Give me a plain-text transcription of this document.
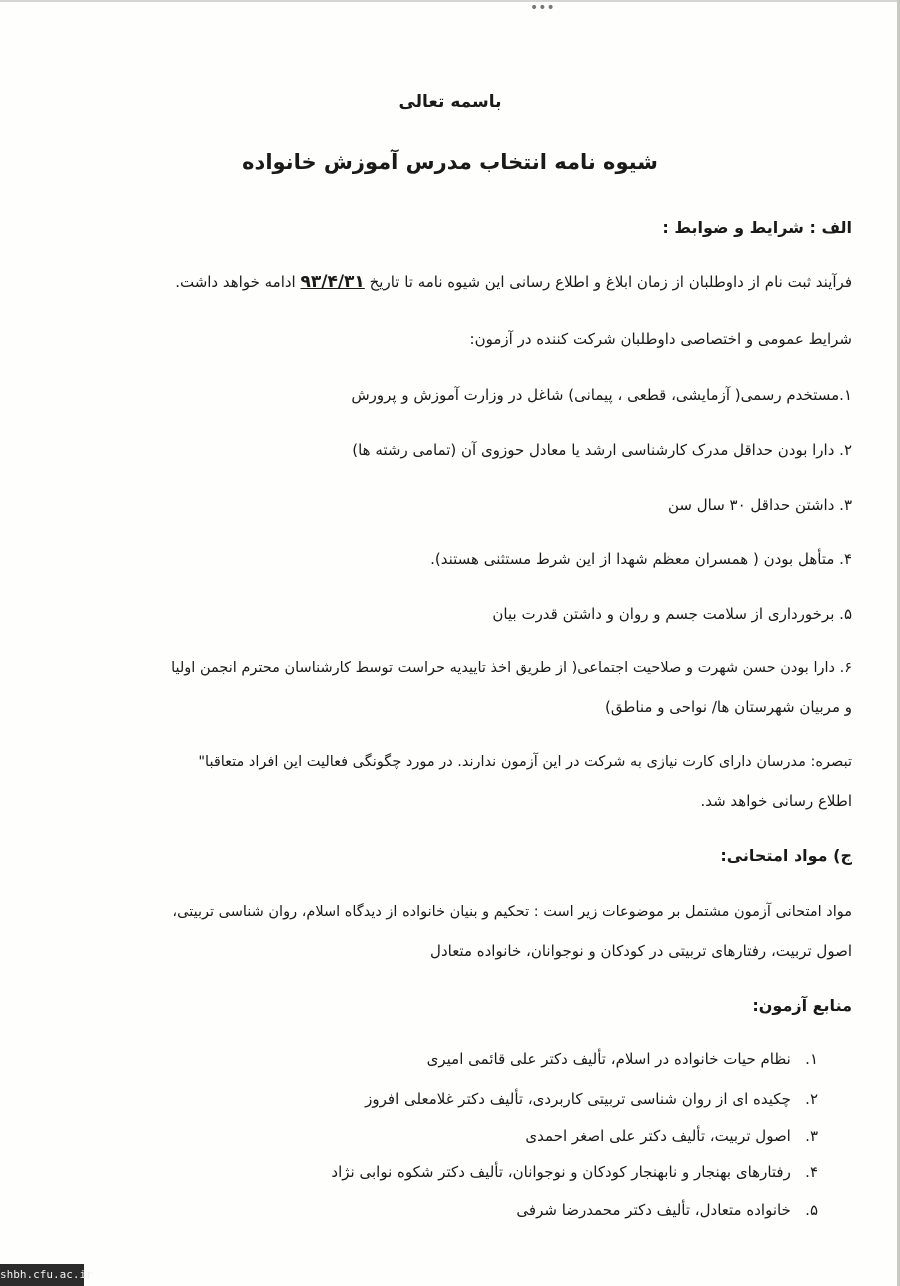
•••
باسمه تعالی
شیوه نامه انتخاب مدرس آموزش خانواده
الف : شرایط و ضوابط :
فرآیند ثبت نام از داوطلبان از زمان ابلاغ و اطلاع رسانی این شیوه نامه تا تاریخ ۹۳/۴/۳۱ ادامه خواهد داشت.
شرایط عمومی و اختصاصی داوطلبان شرکت کننده در آزمون:
۱.مستخدم رسمی( آزمایشی، قطعی ، پیمانی) شاغل در وزارت آموزش و پرورش
۲. دارا بودن حداقل مدرک کارشناسی ارشد یا معادل حوزوی آن (تمامی رشته ها)
۳. داشتن حداقل ۳۰ سال سن
۴. متأهل بودن ( همسران معظم شهدا از این شرط مستثنی هستند).
۵. برخورداری از سلامت جسم و روان و داشتن قدرت بیان
۶. دارا بودن حسن شهرت و صلاحیت اجتماعی( از طریق اخذ تاییدیه حراست توسط کارشناسان محترم انجمن اولیا
و مربیان شهرستان ها/ نواحی و مناطق)
تبصره: مدرسان دارای کارت نیازی به شرکت در این آزمون ندارند. در مورد چگونگی فعالیت این افراد متعاقبا"
اطلاع رسانی خواهد شد.
ج) مواد امتحانی:
مواد امتحانی آزمون مشتمل بر موضوعات زیر است : تحکیم و بنیان خانواده از دیدگاه اسلام، روان شناسی تربیتی،
اصول تربیت، رفتارهای تربیتی در کودکان و نوجوانان، خانواده متعادل
منابع آزمون:
۱.   نظام حیات خانواده در اسلام، تألیف دکتر علی قائمی امیری
۲.   چکیده ای از روان شناسی تربیتی کاربردی، تألیف دکتر غلامعلی افروز
۳.   اصول تربیت، تألیف دکتر علی اصغر احمدی
۴.   رفتارهای بهنجار و نابهنجار کودکان و نوجوانان، تألیف دکتر شکوه نوابی نژاد
۵.   خانواده متعادل، تألیف دکتر محمدرضا شرفی
shbh.cfu.ac.ir
